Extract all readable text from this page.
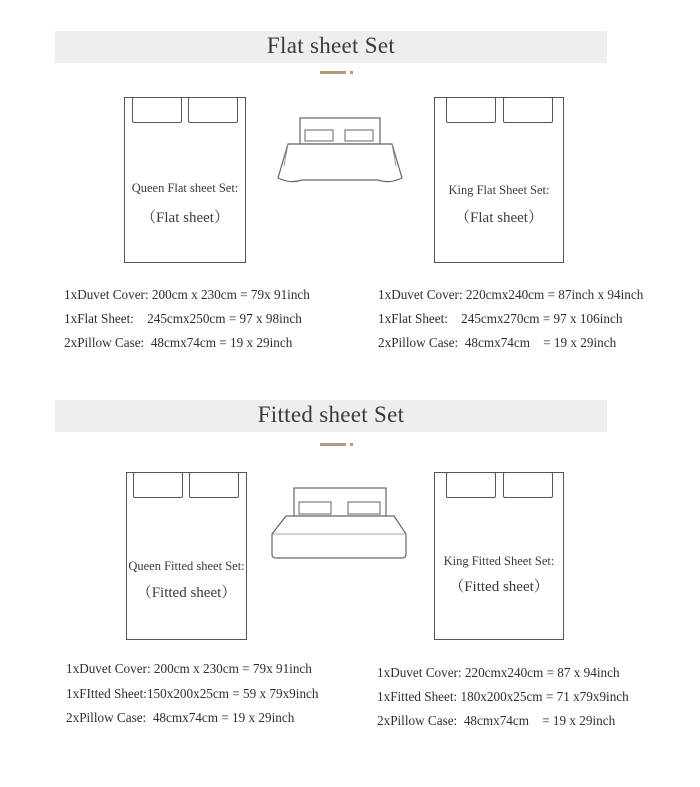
Flat sheet Set
Queen Flat sheet Set:
（Flat sheet）
King Flat Sheet Set:
（Flat sheet）
1xDuvet Cover: 200cm x 230cm = 79x 91inch
1xFlat Sheet:    245cmx250cm = 97 x 98inch
2xPillow Case:  48cmx74cm = 19 x 29inch
1xDuvet Cover: 220cmx240cm = 87inch x 94inch
1xFlat Sheet:    245cmx270cm = 97 x 106inch
2xPillow Case:  48cmx74cm    = 19 x 29inch
Fitted sheet Set
Queen Fitted sheet Set:
（Fitted sheet）
King Fitted Sheet Set:
（Fitted sheet）
1xDuvet Cover: 200cm x 230cm = 79x 91inch
1xFItted Sheet:150x200x25cm = 59 x 79x9inch
2xPillow Case:  48cmx74cm = 19 x 29inch
1xDuvet Cover: 220cmx240cm = 87 x 94inch
1xFitted Sheet: 180x200x25cm = 71 x79x9inch
2xPillow Case:  48cmx74cm    = 19 x 29inch
